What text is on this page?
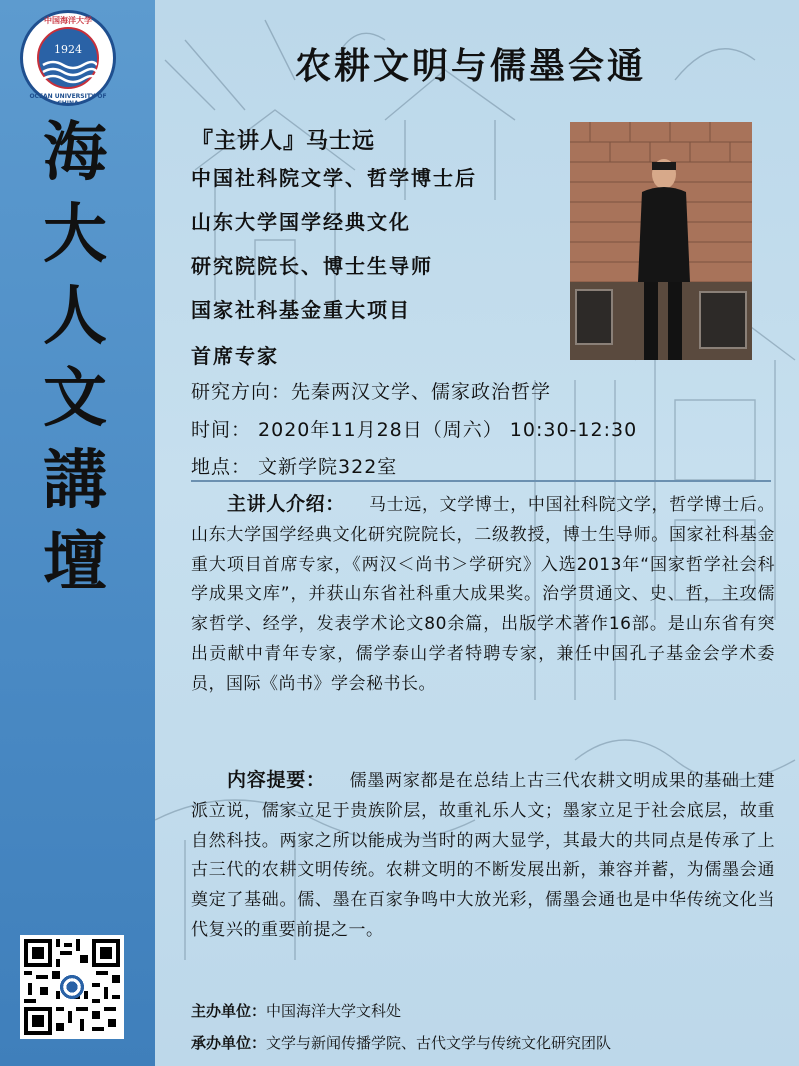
中国海洋大学
1924
OCEAN UNIVERSITY OF CHINA
海
大
人
文
講
壇
农耕文明与儒墨会通
『主讲人』马士远
中国社科院文学、哲学博士后
山东大学国学经典文化
研究院院长、博士生导师
国家社科基金重大项目
首席专家
研究方向：先秦两汉文学、儒家政治哲学
时间： 2020年11月28日（周六） 10:30-12:30
地点： 文新学院322室
主讲人介绍： 马士远，文学博士，中国社科院文学，哲学博士后。山东大学国学经典文化研究院院长，二级教授，博士生导师。国家社科基金重大项目首席专家，《两汉＜尚书＞学研究》入选2013年“国家哲学社会科学成果文库”，并获山东省社科重大成果奖。治学贯通文、史、哲，主攻儒家哲学、经学，发表学术论文80余篇，出版学术著作16部。是山东省有突出贡献中青年专家，儒学泰山学者特聘专家，兼任中国孔子基金会学术委员，国际《尚书》学会秘书长。
内容提要： 儒墨两家都是在总结上古三代农耕文明成果的基础上建派立说，儒家立足于贵族阶层，故重礼乐人文；墨家立足于社会底层，故重自然科技。两家之所以能成为当时的两大显学，其最大的共同点是传承了上古三代的农耕文明传统。农耕文明的不断发展出新，兼容并蓄，为儒墨会通奠定了基础。儒、墨在百家争鸣中大放光彩，儒墨会通也是中华传统文化当代复兴的重要前提之一。
主办单位：中国海洋大学文科处
承办单位：文学与新闻传播学院、古代文学与传统文化研究团队
